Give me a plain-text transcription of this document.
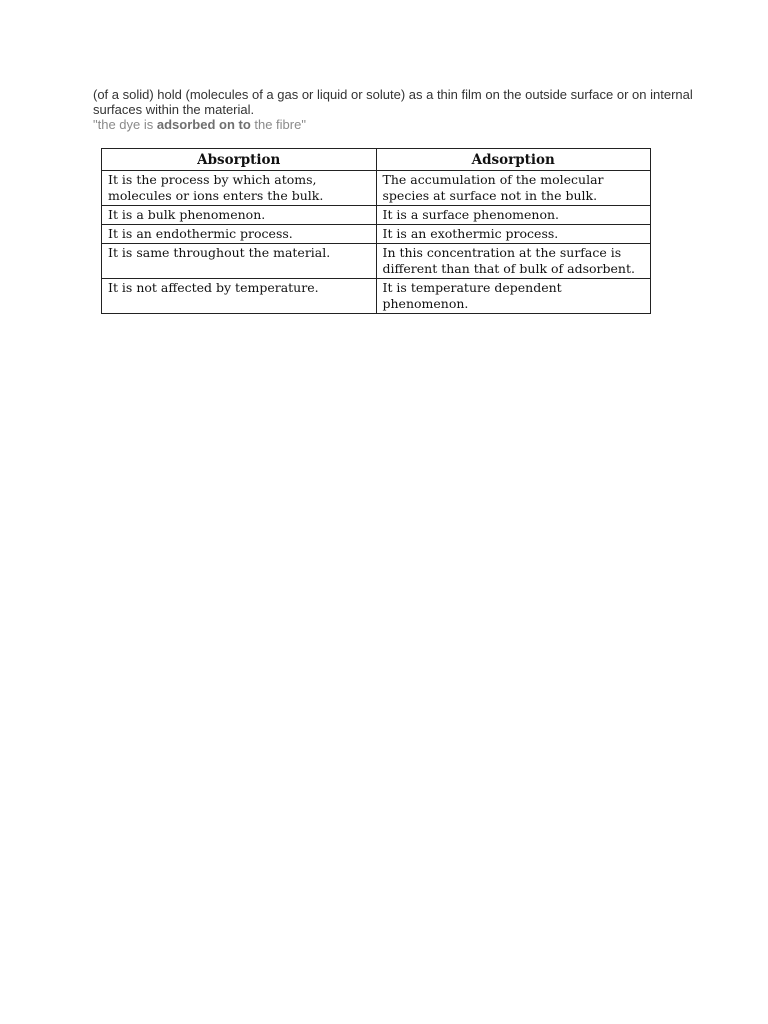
(of a solid) hold (molecules of a gas or liquid or solute) as a thin film on the outside surface or on internal surfaces within the material.
"the dye is adsorbed on to the fibre"
Absorption	Adsorption
It is the process by which atoms, molecules or ions enters the bulk.	The accumulation of the molecular species at surface not in the bulk.
It is a bulk phenomenon.	It is a surface phenomenon.
It is an endothermic process.	It is an exothermic process.
It is same throughout the material.	In this concentration at the surface is different than that of bulk of adsorbent.
It is not affected by temperature.	It is temperature dependent phenomenon.
